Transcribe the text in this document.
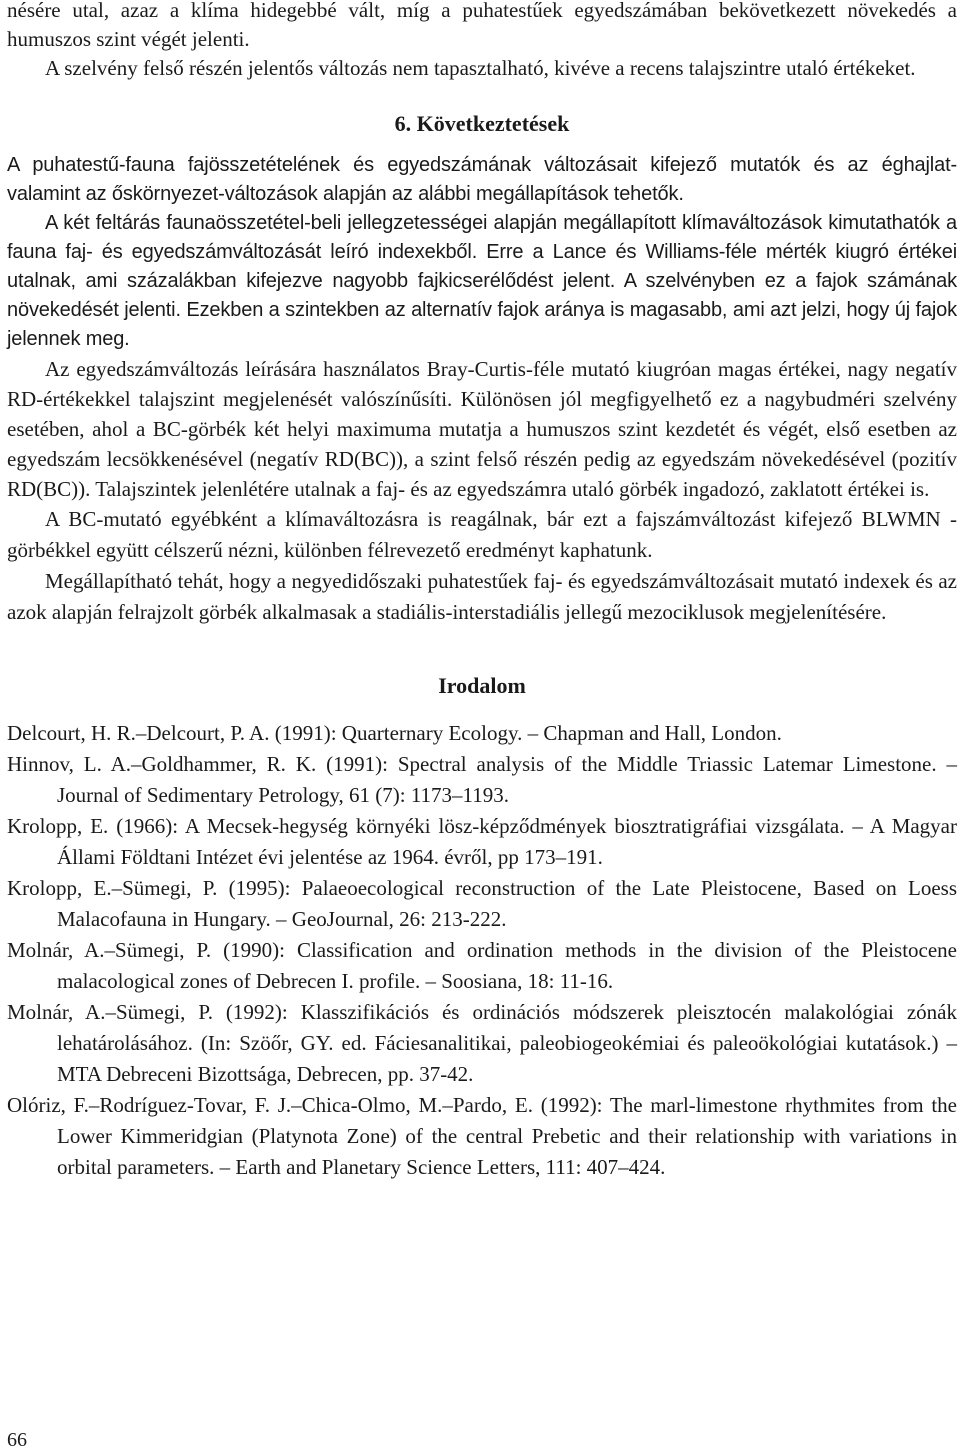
nésére utal, azaz a klíma hidegebbé vált, míg a puhatestűek egyedszámában bekövetkezett növekedés a humuszos szint végét jelenti.

A szelvény felső részén jelentős változás nem tapasztalható, kivéve a recens talajszintre utaló értékeket.

6. Következtetések

A puhatestű-fauna fajösszetételének és egyedszámának változásait kifejező mutatók és az éghajlat- valamint az őskörnyezet-változások alapján az alábbi megállapítások tehetők.

A két feltárás faunaösszetétel-beli jellegzetességei alapján megállapított klímaváltozások kimutathatók a fauna faj- és egyedszámváltozását leíró indexekből. Erre a Lance és Williams-féle mérték kiugró értékei utalnak, ami százalákban kifejezve nagyobb fajkicserélődést jelent. A szelvényben ez a fajok számának növekedését jelenti. Ezekben a szintekben az alternatív fajok aránya is magasabb, ami azt jelzi, hogy új fajok jelennek meg.

Az egyedszámváltozás leírására használatos Bray-Curtis-féle mutató kiugróan magas értékei, nagy negatív RD-értékekkel talajszint megjelenését valószínűsíti. Különösen jól megfigyelhető ez a nagybudméri szelvény esetében, ahol a BC-görbék két helyi maximuma mutatja a humuszos szint kezdetét és végét, első esetben az egyedszám lecsökkenésével (negatív RD(BC)), a szint felső részén pedig az egyedszám növekedésével (pozitív RD(BC)). Talajszintek jelenlétére utalnak a faj- és az egyedszámra utaló görbék ingadozó, zaklatott értékei is.

A BC-mutató egyébként a klímaváltozásra is reagálnak, bár ezt a fajszámváltozást kifejező BLWMN -görbékkel együtt célszerű nézni, különben félrevezető eredményt kaphatunk.

Megállapítható tehát, hogy a negyedidőszaki puhatestűek faj- és egyedszámváltozásait mutató indexek és az azok alapján felrajzolt görbék alkalmasak a stadiális-interstadiális jellegű mezociklusok megjelenítésére.

Irodalom

Delcourt, H. R.–Delcourt, P. A. (1991): Quarternary Ecology. – Chapman and Hall, London.

Hinnov, L. A.–Goldhammer, R. K. (1991): Spectral analysis of the Middle Triassic Latemar Limestone. – Journal of Sedimentary Petrology, 61 (7): 1173–1193.

Krolopp, E. (1966): A Mecsek-hegység környéki lösz-képződmények biosztratigráfiai vizsgálata. – A Magyar Állami Földtani Intézet évi jelentése az 1964. évről, pp 173–191.

Krolopp, E.–Sümegi, P. (1995): Palaeoecological reconstruction of the Late Pleistocene, Based on Loess Malacofauna in Hungary. – GeoJournal, 26: 213-222.

Molnár, A.–Sümegi, P. (1990): Classification and ordination methods in the division of the Pleistocene malacological zones of Debrecen I. profile. – Soosiana, 18: 11-16.

Molnár, A.–Sümegi, P. (1992): Klasszifikációs és ordinációs módszerek pleisztocén malakológiai zónák lehatárolásához. (In: Szöőr, GY. ed. Fáciesanalitikai, paleobiogeokémiai és paleoökológiai kutatások.) – MTA Debreceni Bizottsága, Debrecen, pp. 37-42.

Olóriz, F.–Rodríguez-Tovar, F. J.–Chica-Olmo, M.–Pardo, E. (1992): The marl-limestone rhythmites from the Lower Kimmeridgian (Platynota Zone) of the central Prebetic and their relationship with variations in orbital parameters. – Earth and Planetary Science Letters, 111: 407–424.

66
